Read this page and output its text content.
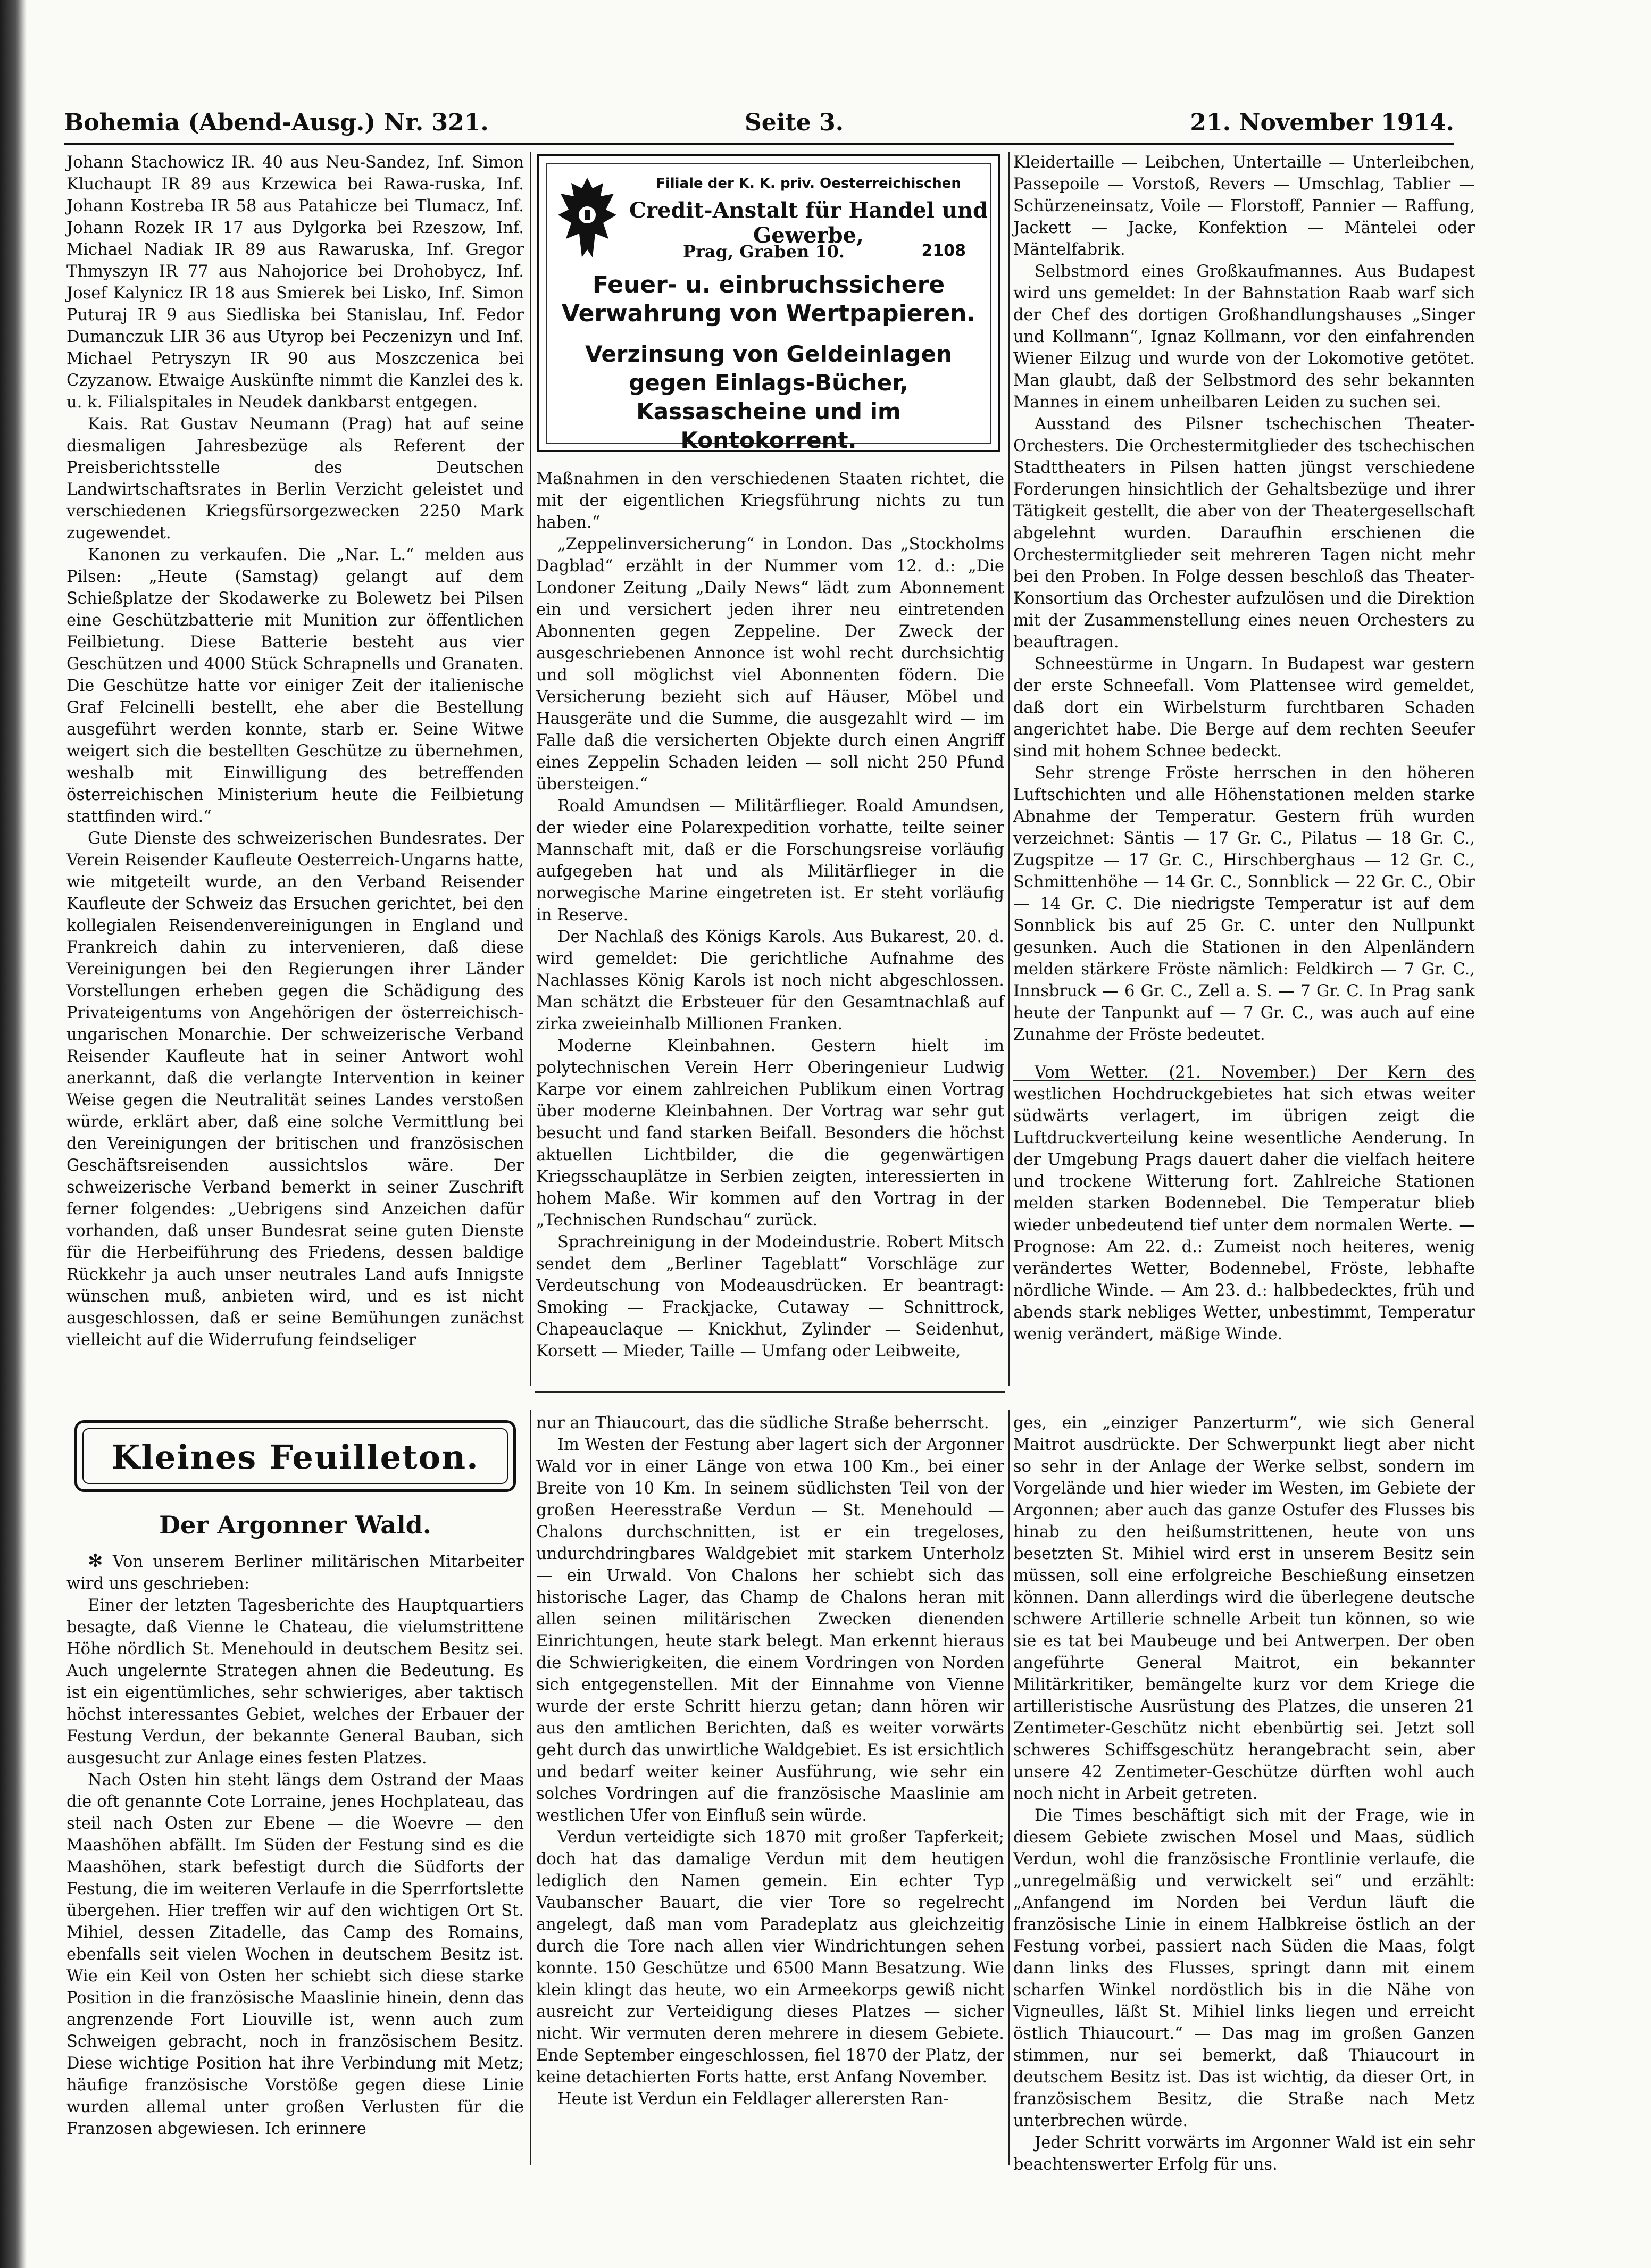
Bohemia (Abend-Ausg.) Nr. 321.	Seite 3.	21. November 1914.

Johann Stachowicz IR. 40 aus Neu-Sandez, Inf. Simon Kluchaupt IR 89 aus Krzewica bei Rawa-ruska, Inf. Johann Kostreba IR 58 aus Patahicze bei Tlumacz, Inf. Johann Rozek IR 17 aus Dylgorka bei Rzeszow, Inf. Michael Nadiak IR 89 aus Rawaruska, Inf. Gregor Thmyszyn IR 77 aus Nahojorice bei Drohobycz, Inf. Josef Kalynicz IR 18 aus Smierek bei Lisko, Inf. Simon Puturaj IR 9 aus Siedliska bei Stanislau, Inf. Fedor Dumanczuk LIR 36 aus Utyrop bei Peczenizyn und Inf. Michael Petryszyn IR 90 aus Moszczenica bei Czyzanow. Etwaige Auskünfte nimmt die Kanzlei des k. u. k. Filialspitales in Neudek dankbarst entgegen.

Kais. Rat Gustav Neumann (Prag) hat auf seine diesmaligen Jahresbezüge als Referent der Preisberichtsstelle des Deutschen Landwirtschaftsrates in Berlin Verzicht geleistet und verschiedenen Kriegsfürsorgezwecken 2250 Mark zugewendet.

Kanonen zu verkaufen. Die „Nar. L.“ melden aus Pilsen: „Heute (Samstag) gelangt auf dem Schießplatze der Skodawerke zu Bolewetz bei Pilsen eine Geschützbatterie mit Munition zur öffentlichen Feilbietung. Diese Batterie besteht aus vier Geschützen und 4000 Stück Schrapnells und Granaten. Die Geschütze hatte vor einiger Zeit der italienische Graf Felcinelli bestellt, ehe aber die Bestellung ausgeführt werden konnte, starb er. Seine Witwe weigert sich die bestellten Geschütze zu übernehmen, weshalb mit Einwilligung des betreffenden österreichischen Ministerium heute die Feilbietung stattfinden wird.“

Gute Dienste des schweizerischen Bundesrates. Der Verein Reisender Kaufleute Oesterreich-Ungarns hatte, wie mitgeteilt wurde, an den Verband Reisender Kaufleute der Schweiz das Ersuchen gerichtet, bei den kollegialen Reisendenvereinigungen in England und Frankreich dahin zu intervenieren, daß diese Vereinigungen bei den Regierungen ihrer Länder Vorstellungen erheben gegen die Schädigung des Privateigentums von Angehörigen der österreichisch-ungarischen Monarchie. Der schweizerische Verband Reisender Kaufleute hat in seiner Antwort wohl anerkannt, daß die verlangte Intervention in keiner Weise gegen die Neutralität seines Landes verstoßen würde, erklärt aber, daß eine solche Vermittlung bei den Vereinigungen der britischen und französischen Geschäftsreisenden aussichtslos wäre. Der schweizerische Verband bemerkt in seiner Zuschrift ferner folgendes: „Uebrigens sind Anzeichen dafür vorhanden, daß unser Bundesrat seine guten Dienste für die Herbeiführung des Friedens, dessen baldige Rückkehr ja auch unser neutrales Land aufs Innigste wünschen muß, anbieten wird, und es ist nicht ausgeschlossen, daß er seine Bemühungen zunächst vielleicht auf die Widerrufung feindseliger

Filiale der K. K. priv. Oesterreichischen
Credit-Anstalt für Handel und Gewerbe,
Prag, Graben 10.	2108
Feuer- u. einbruchssichere Verwahrung von Wertpapieren.
Verzinsung von Geldeinlagen gegen Einlags-Bücher, Kassascheine und im Kontokorrent.

Maßnahmen in den verschiedenen Staaten richtet, die mit der eigentlichen Kriegsführung nichts zu tun haben.“

„Zeppelinversicherung“ in London. Das „Stockholms Dagblad“ erzählt in der Nummer vom 12. d.: „Die Londoner Zeitung „Daily News“ lädt zum Abonnement ein und versichert jeden ihrer neu eintretenden Abonnenten gegen Zeppeline. Der Zweck der ausgeschriebenen Annonce ist wohl recht durchsichtig und soll möglichst viel Abonnenten födern. Die Versicherung bezieht sich auf Häuser, Möbel und Hausgeräte und die Summe, die ausgezahlt wird — im Falle daß die versicherten Objekte durch einen Angriff eines Zeppelin Schaden leiden — soll nicht 250 Pfund übersteigen.“

Roald Amundsen — Militärflieger. Roald Amundsen, der wieder eine Polarexpedition vorhatte, teilte seiner Mannschaft mit, daß er die Forschungsreise vorläufig aufgegeben hat und als Militärflieger in die norwegische Marine eingetreten ist. Er steht vorläufig in Reserve.

Der Nachlaß des Königs Karols. Aus Bukarest, 20. d. wird gemeldet: Die gerichtliche Aufnahme des Nachlasses König Karols ist noch nicht abgeschlossen. Man schätzt die Erbsteuer für den Gesamtnachlaß auf zirka zweieinhalb Millionen Franken.

Moderne Kleinbahnen. Gestern hielt im polytechnischen Verein Herr Oberingenieur Ludwig Karpe vor einem zahlreichen Publikum einen Vortrag über moderne Kleinbahnen. Der Vortrag war sehr gut besucht und fand starken Beifall. Besonders die höchst aktuellen Lichtbilder, die die gegenwärtigen Kriegsschauplätze in Serbien zeigten, interessierten in hohem Maße. Wir kommen auf den Vortrag in der „Technischen Rundschau“ zurück.

Sprachreinigung in der Modeindustrie. Robert Mitsch sendet dem „Berliner Tageblatt“ Vorschläge zur Verdeutschung von Modeausdrücken. Er beantragt: Smoking — Frackjacke, Cutaway — Schnittrock, Chapeauclaque — Knickhut, Zylinder — Seidenhut, Korsett — Mieder, Taille — Umfang oder Leibweite,

Kleidertaille — Leibchen, Untertaille — Unterleibchen, Passepoile — Vorstoß, Revers — Umschlag, Tablier — Schürzeneinsatz, Voile — Florstoff, Pannier — Raffung, Jackett — Jacke, Konfektion — Mäntelei oder Mäntelfabrik.

Selbstmord eines Großkaufmannes. Aus Budapest wird uns gemeldet: In der Bahnstation Raab warf sich der Chef des dortigen Großhandlungshauses „Singer und Kollmann“, Ignaz Kollmann, vor den einfahrenden Wiener Eilzug und wurde von der Lokomotive getötet. Man glaubt, daß der Selbstmord des sehr bekannten Mannes in einem unheilbaren Leiden zu suchen sei.

Ausstand des Pilsner tschechischen Theater-Orchesters. Die Orchestermitglieder des tschechischen Stadttheaters in Pilsen hatten jüngst verschiedene Forderungen hinsichtlich der Gehaltsbezüge und ihrer Tätigkeit gestellt, die aber von der Theatergesellschaft abgelehnt wurden. Daraufhin erschienen die Orchestermitglieder seit mehreren Tagen nicht mehr bei den Proben. In Folge dessen beschloß das Theater-Konsortium das Orchester aufzulösen und die Direktion mit der Zusammenstellung eines neuen Orchesters zu beauftragen.

Schneestürme in Ungarn. In Budapest war gestern der erste Schneefall. Vom Plattensee wird gemeldet, daß dort ein Wirbelsturm furchtbaren Schaden angerichtet habe. Die Berge auf dem rechten Seeufer sind mit hohem Schnee bedeckt.

Sehr strenge Fröste herrschen in den höheren Luftschichten und alle Höhenstationen melden starke Abnahme der Temperatur. Gestern früh wurden verzeichnet: Säntis — 17 Gr. C., Pilatus — 18 Gr. C., Zugspitze — 17 Gr. C., Hirschberghaus — 12 Gr. C., Schmittenhöhe — 14 Gr. C., Sonnblick — 22 Gr. C., Obir — 14 Gr. C. Die niedrigste Temperatur ist auf dem Sonnblick bis auf 25 Gr. C. unter den Nullpunkt gesunken. Auch die Stationen in den Alpenländern melden stärkere Fröste nämlich: Feldkirch — 7 Gr. C., Innsbruck — 6 Gr. C., Zell a. S. — 7 Gr. C. In Prag sank heute der Tanpunkt auf — 7 Gr. C., was auch auf eine Zunahme der Fröste bedeutet.

Vom Wetter. (21. November.) Der Kern des westlichen Hochdruckgebietes hat sich etwas weiter südwärts verlagert, im übrigen zeigt die Luftdruckverteilung keine wesentliche Aenderung. In der Umgebung Prags dauert daher die vielfach heitere und trockene Witterung fort. Zahlreiche Stationen melden starken Bodennebel. Die Temperatur blieb wieder unbedeutend tief unter dem normalen Werte. — Prognose: Am 22. d.: Zumeist noch heiteres, wenig verändertes Wetter, Bodennebel, Fröste, lebhafte nördliche Winde. — Am 23. d.: halbbedecktes, früh und abends stark nebliges Wetter, unbestimmt, Temperatur wenig verändert, mäßige Winde.

Kleines Feuilleton.
Der Argonner Wald.

✻ Von unserem Berliner militärischen Mitarbeiter wird uns geschrieben:

Einer der letzten Tagesberichte des Hauptquartiers besagte, daß Vienne le Chateau, die vielumstrittene Höhe nördlich St. Menehould in deutschem Besitz sei. Auch ungelernte Strategen ahnen die Bedeutung. Es ist ein eigentümliches, sehr schwieriges, aber taktisch höchst interessantes Gebiet, welches der Erbauer der Festung Verdun, der bekannte General Bauban, sich ausgesucht zur Anlage eines festen Platzes.

Nach Osten hin steht längs dem Ostrand der Maas die oft genannte Cote Lorraine, jenes Hochplateau, das steil nach Osten zur Ebene — die Woevre — den Maashöhen abfällt. Im Süden der Festung sind es die Maashöhen, stark befestigt durch die Südforts der Festung, die im weiteren Verlaufe in die Sperrfortslette übergehen. Hier treffen wir auf den wichtigen Ort St. Mihiel, dessen Zitadelle, das Camp des Romains, ebenfalls seit vielen Wochen in deutschem Besitz ist. Wie ein Keil von Osten her schiebt sich diese starke Position in die französische Maaslinie hinein, denn das angrenzende Fort Liouville ist, wenn auch zum Schweigen gebracht, noch in französischem Besitz. Diese wichtige Position hat ihre Verbindung mit Metz; häufige französische Vorstöße gegen diese Linie wurden allemal unter großen Verlusten für die Franzosen abgewiesen. Ich erinnere

nur an Thiaucourt, das die südliche Straße beherrscht.

Im Westen der Festung aber lagert sich der Argonner Wald vor in einer Länge von etwa 100 Km., bei einer Breite von 10 Km. In seinem südlichsten Teil von der großen Heeresstraße Verdun — St. Menehould — Chalons durchschnitten, ist er ein tregeloses, undurchdringbares Waldgebiet mit starkem Unterholz — ein Urwald. Von Chalons her schiebt sich das historische Lager, das Champ de Chalons heran mit allen seinen militärischen Zwecken dienenden Einrichtungen, heute stark belegt. Man erkennt hieraus die Schwierigkeiten, die einem Vordringen von Norden sich entgegenstellen. Mit der Einnahme von Vienne wurde der erste Schritt hierzu getan; dann hören wir aus den amtlichen Berichten, daß es weiter vorwärts geht durch das unwirtliche Waldgebiet. Es ist ersichtlich und bedarf weiter keiner Ausführung, wie sehr ein solches Vordringen auf die französische Maaslinie am westlichen Ufer von Einfluß sein würde.

Verdun verteidigte sich 1870 mit großer Tapferkeit; doch hat das damalige Verdun mit dem heutigen lediglich den Namen gemein. Ein echter Typ Vaubanscher Bauart, die vier Tore so regelrecht angelegt, daß man vom Paradeplatz aus gleichzeitig durch die Tore nach allen vier Windrichtungen sehen konnte. 150 Geschütze und 6500 Mann Besatzung. Wie klein klingt das heute, wo ein Armeekorps gewiß nicht ausreicht zur Verteidigung dieses Platzes — sicher nicht. Wir vermuten deren mehrere in diesem Gebiete. Ende September eingeschlossen, fiel 1870 der Platz, der keine detachierten Forts hatte, erst Anfang November.

Heute ist Verdun ein Feldlager allerersten Ran-

ges, ein „einziger Panzerturm“, wie sich General Maitrot ausdrückte. Der Schwerpunkt liegt aber nicht so sehr in der Anlage der Werke selbst, sondern im Vorgelände und hier wieder im Westen, im Gebiete der Argonnen; aber auch das ganze Ostufer des Flusses bis hinab zu den heißumstrittenen, heute von uns besetzten St. Mihiel wird erst in unserem Besitz sein müssen, soll eine erfolgreiche Beschießung einsetzen können. Dann allerdings wird die überlegene deutsche schwere Artillerie schnelle Arbeit tun können, so wie sie es tat bei Maubeuge und bei Antwerpen. Der oben angeführte General Maitrot, ein bekannter Militärkritiker, bemängelte kurz vor dem Kriege die artilleristische Ausrüstung des Platzes, die unseren 21 Zentimeter-Geschütz nicht ebenbürtig sei. Jetzt soll schweres Schiffsgeschütz herangebracht sein, aber unsere 42 Zentimeter-Geschütze dürften wohl auch noch nicht in Arbeit getreten.

Die Times beschäftigt sich mit der Frage, wie in diesem Gebiete zwischen Mosel und Maas, südlich Verdun, wohl die französische Frontlinie verlaufe, die „unregelmäßig und verwickelt sei“ und erzählt: „Anfangend im Norden bei Verdun läuft die französische Linie in einem Halbkreise östlich an der Festung vorbei, passiert nach Süden die Maas, folgt dann links des Flusses, springt dann mit einem scharfen Winkel nordöstlich bis in die Nähe von Vigneulles, läßt St. Mihiel links liegen und erreicht östlich Thiaucourt.“ — Das mag im großen Ganzen stimmen, nur sei bemerkt, daß Thiaucourt in deutschem Besitz ist. Das ist wichtig, da dieser Ort, in französischem Besitz, die Straße nach Metz unterbrechen würde.

Jeder Schritt vorwärts im Argonner Wald ist ein sehr beachtenswerter Erfolg für uns.
